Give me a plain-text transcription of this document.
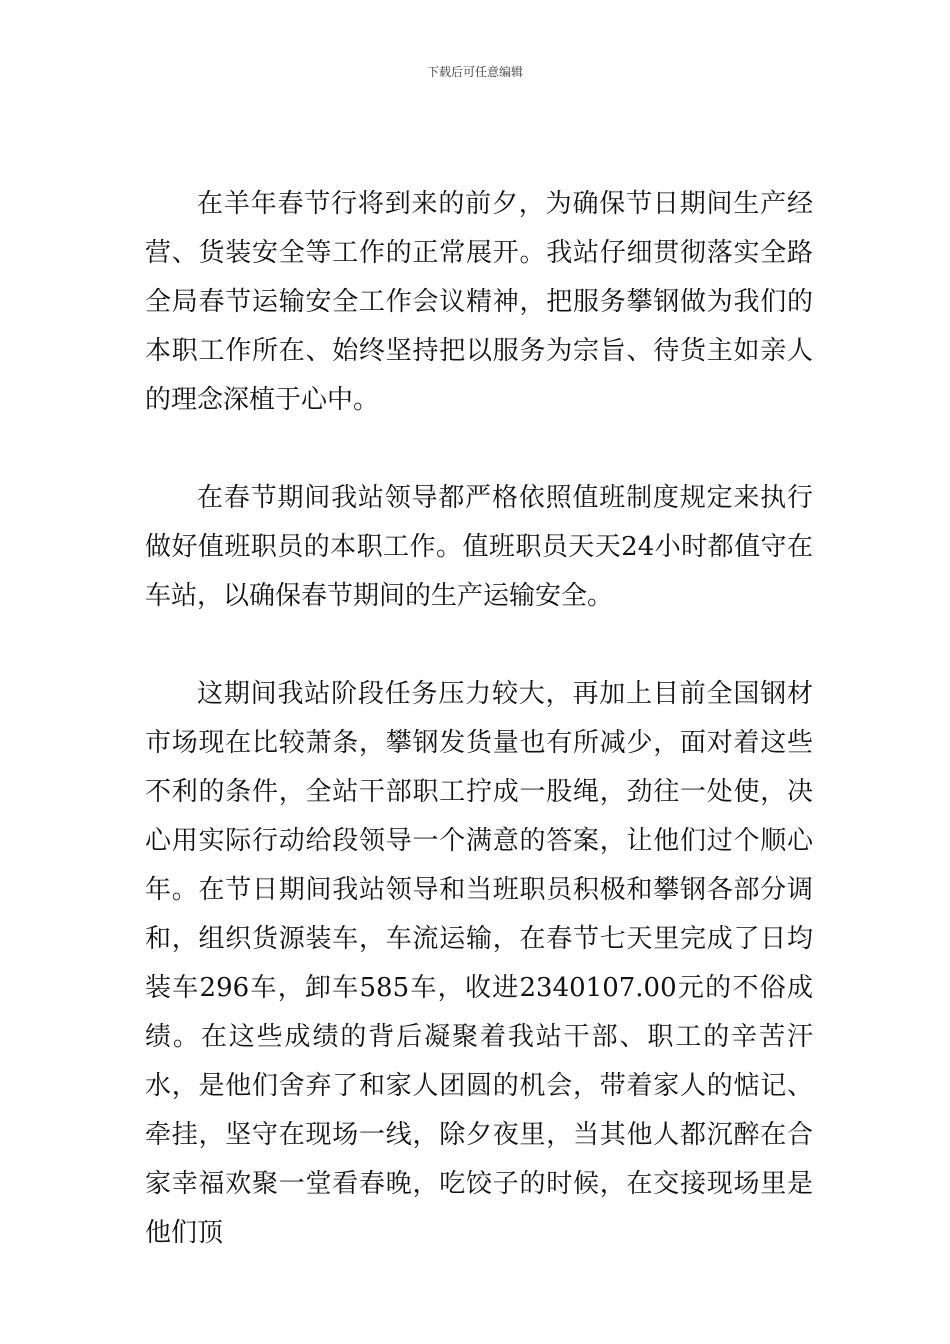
下载后可任意编辑

在羊年春节行将到来的前夕，为确保节日期间生产经营、货装安全等工作的正常展开。我站仔细贯彻落实全路全局春节运输安全工作会议精神，把服务攀钢做为我们的本职工作所在、始终坚持把以服务为宗旨、待货主如亲人的理念深植于心中。

在春节期间我站领导都严格依照值班制度规定来执行做好值班职员的本职工作。值班职员天天24小时都值守在车站，以确保春节期间的生产运输安全。

这期间我站阶段任务压力较大，再加上目前全国钢材市场现在比较萧条，攀钢发货量也有所减少，面对着这些不利的条件，全站干部职工拧成一股绳，劲往一处使，决心用实际行动给段领导一个满意的答案，让他们过个顺心年。在节日期间我站领导和当班职员积极和攀钢各部分调和，组织货源装车，车流运输，在春节七天里完成了日均装车296车，卸车585车，收进2340107.00元的不俗成绩。在这些成绩的背后凝聚着我站干部、职工的辛苦汗水，是他们舍弃了和家人团圆的机会，带着家人的惦记、牵挂，坚守在现场一线，除夕夜里，当其他人都沉醉在合家幸福欢聚一堂看春晚，吃饺子的时候，在交接现场里是他们顶
